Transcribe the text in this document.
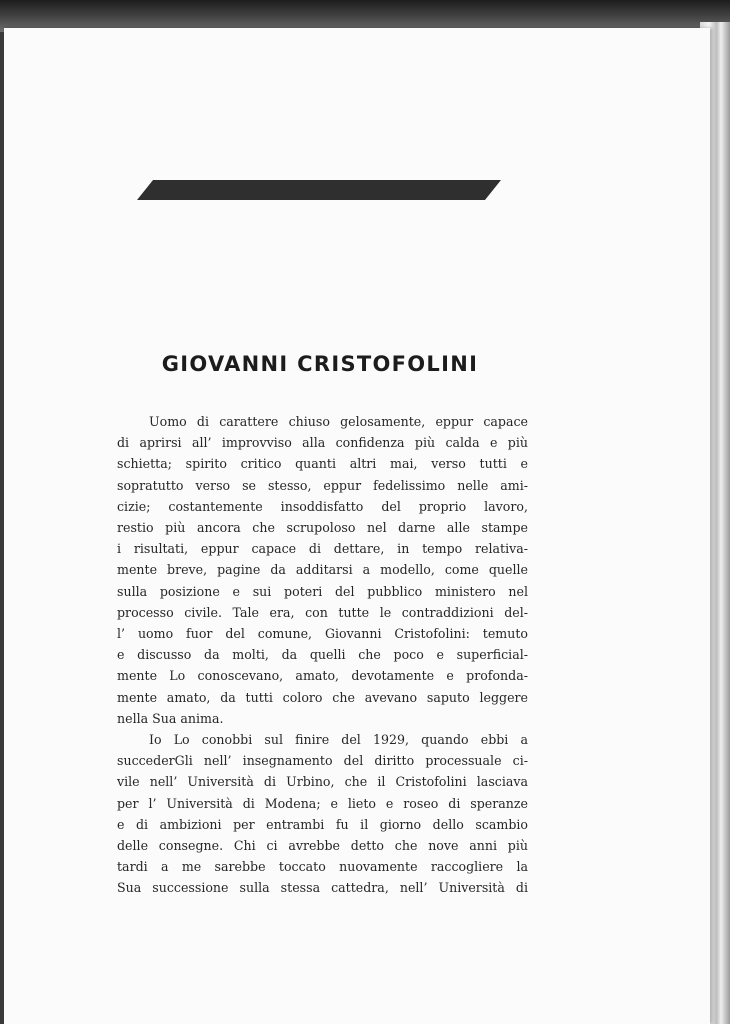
GIOVANNI CRISTOFOLINI
Uomo di carattere chiuso gelosamente, eppur capace
di aprirsi all’ improvviso alla confidenza più calda e più
schietta; spirito critico quanti altri mai, verso tutti e
sopratutto verso se stesso, eppur fedelissimo nelle ami-
cizie; costantemente insoddisfatto del proprio lavoro,
restio più ancora che scrupoloso nel darne alle stampe
i risultati, eppur capace di dettare, in tempo relativa-
mente breve, pagine da additarsi a modello, come quelle
sulla posizione e sui poteri del pubblico ministero nel
processo civile. Tale era, con tutte le contraddizioni del-
l’ uomo fuor del comune, Giovanni Cristofolini: temuto
e discusso da molti, da quelli che poco e superficial-
mente Lo conoscevano, amato, devotamente e profonda-
mente amato, da tutti coloro che avevano saputo leggere
nella Sua anima.
Io Lo conobbi sul finire del 1929, quando ebbi a
succederGli nell’ insegnamento del diritto processuale ci-
vile nell’ Università di Urbino, che il Cristofolini lasciava
per l’ Università di Modena; e lieto e roseo di speranze
e di ambizioni per entrambi fu il giorno dello scambio
delle consegne. Chi ci avrebbe detto che nove anni più
tardi a me sarebbe toccato nuovamente raccogliere la
Sua successione sulla stessa cattedra, nell’ Università di
